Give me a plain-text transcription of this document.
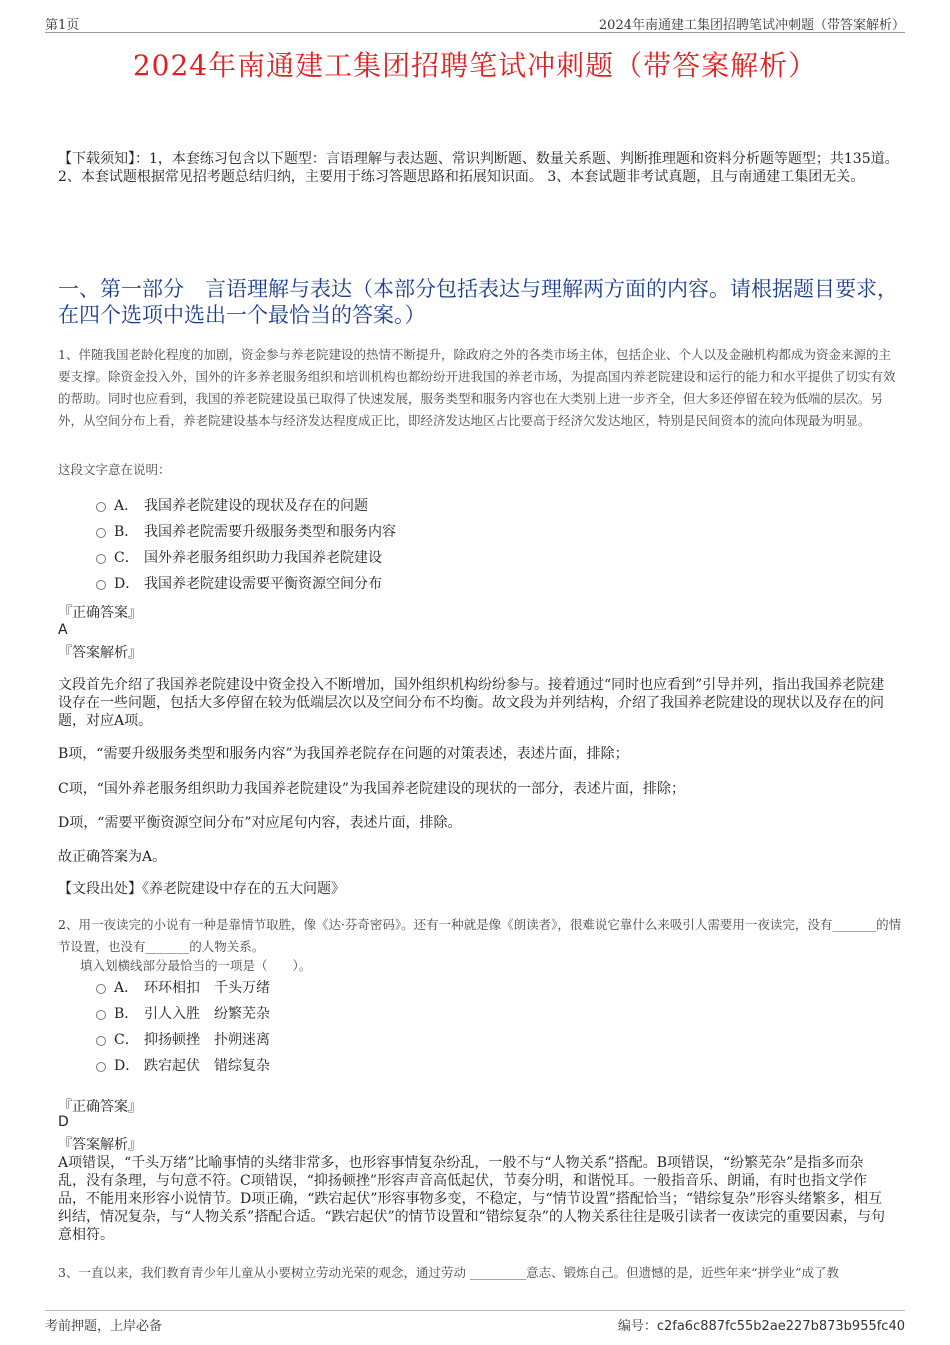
第1页	2024年南通建工集团招聘笔试冲刺题（带答案解析）
2024年南通建工集团招聘笔试冲刺题（带答案解析）
【下载须知】：1，本套练习包含以下题型：言语理解与表达题、常识判断题、数量关系题、判断推理题和资料分析题等题型；共135道。 2、本套试题根据常见招考题总结归纳，主要用于练习答题思路和拓展知识面。 3、本套试题非考试真题，且与南通建工集团无关。
一、第一部分　言语理解与表达（本部分包括表达与理解两方面的内容。请根据题目要求，在四个选项中选出一个最恰当的答案。）
1、伴随我国老龄化程度的加剧，资金参与养老院建设的热情不断提升，除政府之外的各类市场主体，包括企业、个人以及金融机构都成为资金来源的主要支撑。除资金投入外，国外的许多养老服务组织和培训机构也都纷纷开进我国的养老市场，为提高国内养老院建设和运行的能力和水平提供了切实有效的帮助。同时也应看到，我国的养老院建设虽已取得了快速发展，服务类型和服务内容也在大类别上进一步齐全，但大多还停留在较为低端的层次。另外，从空间分布上看，养老院建设基本与经济发达程度成正比，即经济发达地区占比要高于经济欠发达地区，特别是民间资本的流向体现最为明显。
这段文字意在说明：
A． 我国养老院建设的现状及存在的问题
B． 我国养老院需要升级服务类型和服务内容
C． 国外养老服务组织助力我国养老院建设
D． 我国养老院建设需要平衡资源空间分布
『正确答案』
A
『答案解析』
文段首先介绍了我国养老院建设中资金投入不断增加，国外组织机构纷纷参与。接着通过“同时也应看到”引导并列，指出我国养老院建设存在一些问题，包括大多停留在较为低端层次以及空间分布不均衡。故文段为并列结构，介绍了我国养老院建设的现状以及存在的问题，对应A项。
B项，“需要升级服务类型和服务内容”为我国养老院存在问题的对策表述，表述片面，排除；
C项，“国外养老服务组织助力我国养老院建设”为我国养老院建设的现状的一部分，表述片面，排除；
D项，“需要平衡资源空间分布”对应尾句内容，表述片面，排除。
故正确答案为A。
【文段出处】《养老院建设中存在的五大问题》
2、用一夜读完的小说有一种是靠情节取胜，像《达·芬奇密码》。还有一种就是像《朗读者》，很难说它靠什么来吸引人需要用一夜读完，没有_______的情节设置，也没有_______的人物关系。
填入划横线部分最恰当的一项是（　　）。
A． 环环相扣　千头万绪
B． 引人入胜　纷繁芜杂
C． 抑扬顿挫　扑朔迷离
D． 跌宕起伏　错综复杂
『正确答案』
D
『答案解析』
A项错误，“千头万绪”比喻事情的头绪非常多，也形容事情复杂纷乱，一般不与“人物关系”搭配。B项错误，“纷繁芜杂”是指多而杂乱，没有条理，与句意不符。C项错误，“抑扬顿挫”形容声音高低起伏，节奏分明，和谐悦耳。一般指音乐、朗诵，有时也指文学作品，不能用来形容小说情节。D项正确，“跌宕起伏”形容事物多变，不稳定，与“情节设置”搭配恰当；“错综复杂”形容头绪繁多，相互纠结，情况复杂，与“人物关系”搭配合适。“跌宕起伏”的情节设置和“错综复杂”的人物关系往往是吸引读者一夜读完的重要因素，与句意相符。
3、一直以来，我们教育青少年儿童从小要树立劳动光荣的观念，通过劳动 _________意志、锻炼自己。但遗憾的是，近些年来“拼学业”成了教
考前押题，上岸必备	编号：c2fa6c887fc55b2ae227b873b955fc40
